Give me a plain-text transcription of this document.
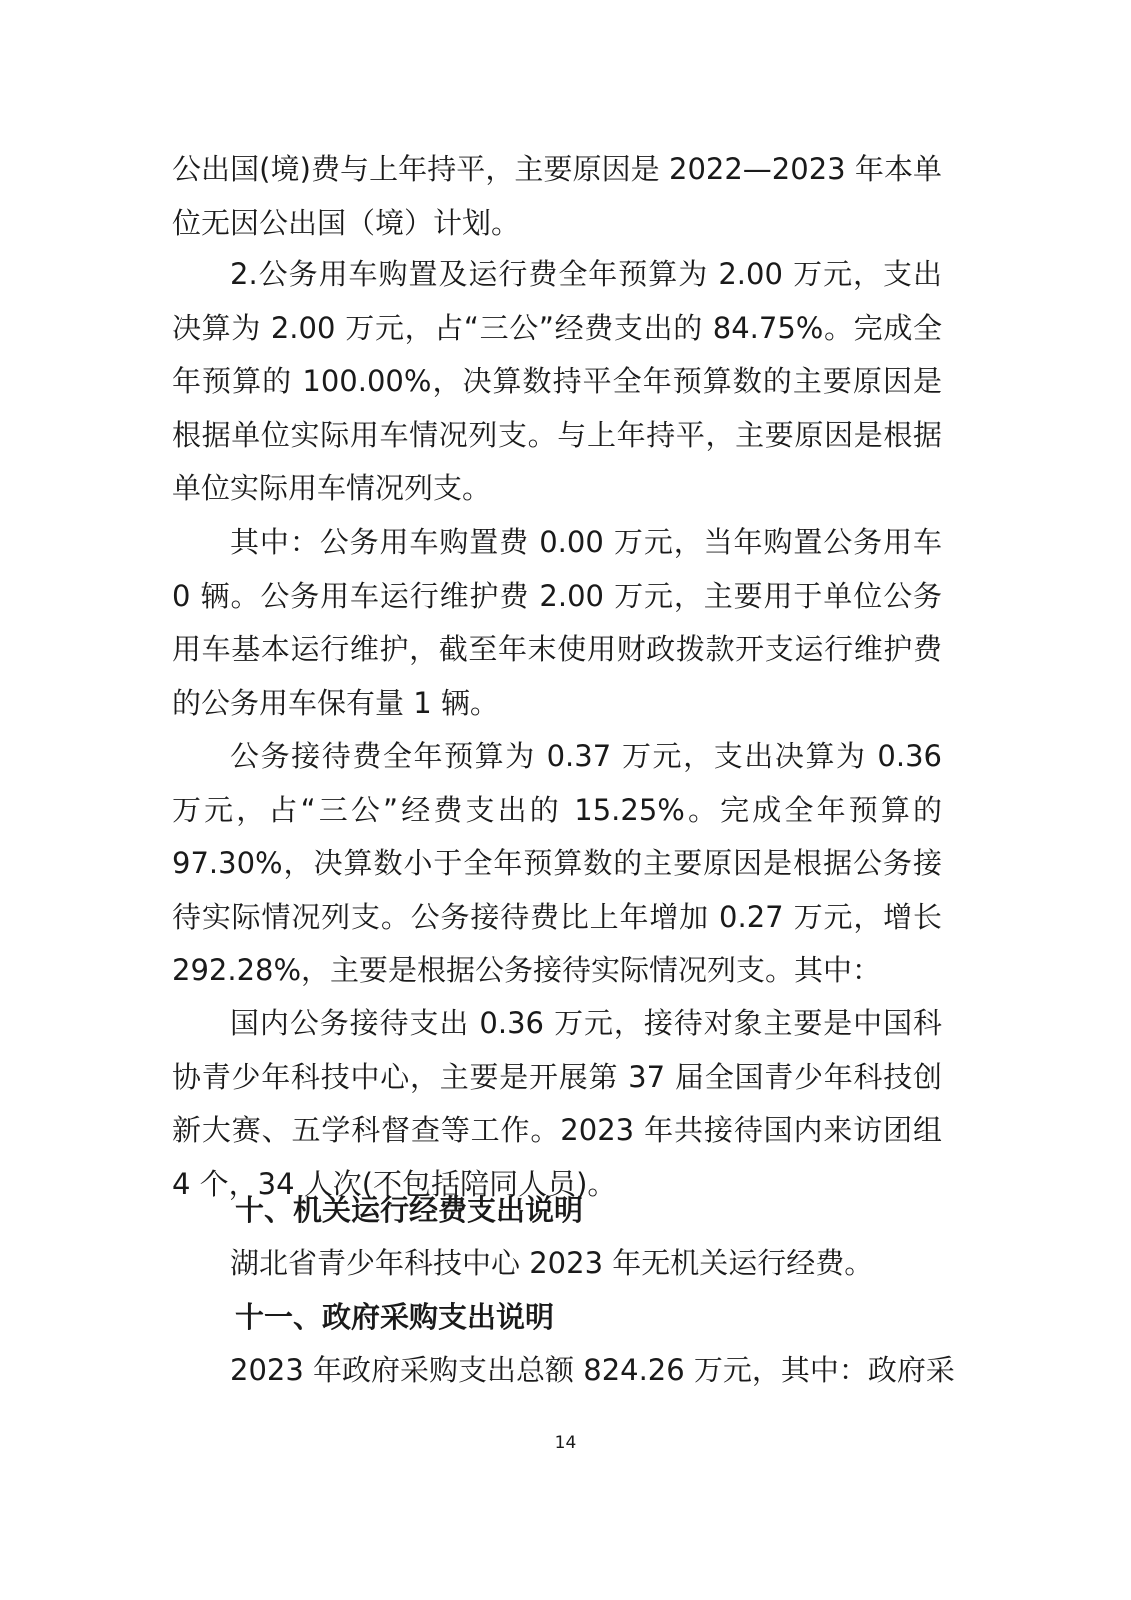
公出国(境)费与上年持平，主要原因是 2022—2023 年本单位无因公出国（境）计划。
2.公务用车购置及运行费全年预算为 2.00 万元，支出决算为 2.00 万元，占“三公”经费支出的 84.75%。完成全年预算的 100.00%，决算数持平全年预算数的主要原因是根据单位实际用车情况列支。与上年持平，主要原因是根据单位实际用车情况列支。
其中：公务用车购置费 0.00 万元，当年购置公务用车 0 辆。公务用车运行维护费 2.00 万元，主要用于单位公务用车基本运行维护，截至年末使用财政拨款开支运行维护费的公务用车保有量 1 辆。
公务接待费全年预算为 0.37 万元，支出决算为 0.36 万元，占“三公”经费支出的 15.25%。完成全年预算的 97.30%，决算数小于全年预算数的主要原因是根据公务接待实际情况列支。公务接待费比上年增加 0.27 万元，增长 292.28%，主要是根据公务接待实际情况列支。其中：
国内公务接待支出 0.36 万元，接待对象主要是中国科协青少年科技中心，主要是开展第 37 届全国青少年科技创新大赛、五学科督查等工作。2023 年共接待国内来访团组 4 个，34 人次(不包括陪同人员)。
十、机关运行经费支出说明
湖北省青少年科技中心 2023 年无机关运行经费。
十一、政府采购支出说明
2023 年政府采购支出总额 824.26 万元，其中：政府采
14
